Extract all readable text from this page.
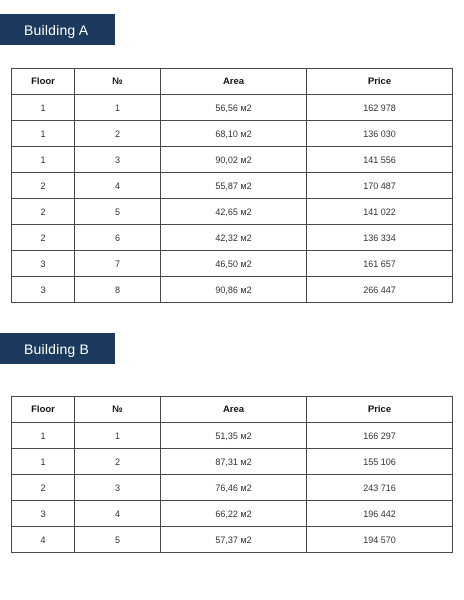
Building A
Floor	№	Area	Price
1	1	56,56 м2	162 978
1	2	68,10 м2	136 030
1	3	90,02 м2	141 556
2	4	55,87 м2	170 487
2	5	42,65 м2	141 022
2	6	42,32 м2	136 334
3	7	46,50 м2	161 657
3	8	90,86 м2	266 447
Building B
Floor	№	Area	Price
1	1	51,35 м2	166 297
1	2	87,31 м2	155 106
2	3	76,46 м2	243 716
3	4	66,22 м2	196 442
4	5	57,37 м2	194 570
